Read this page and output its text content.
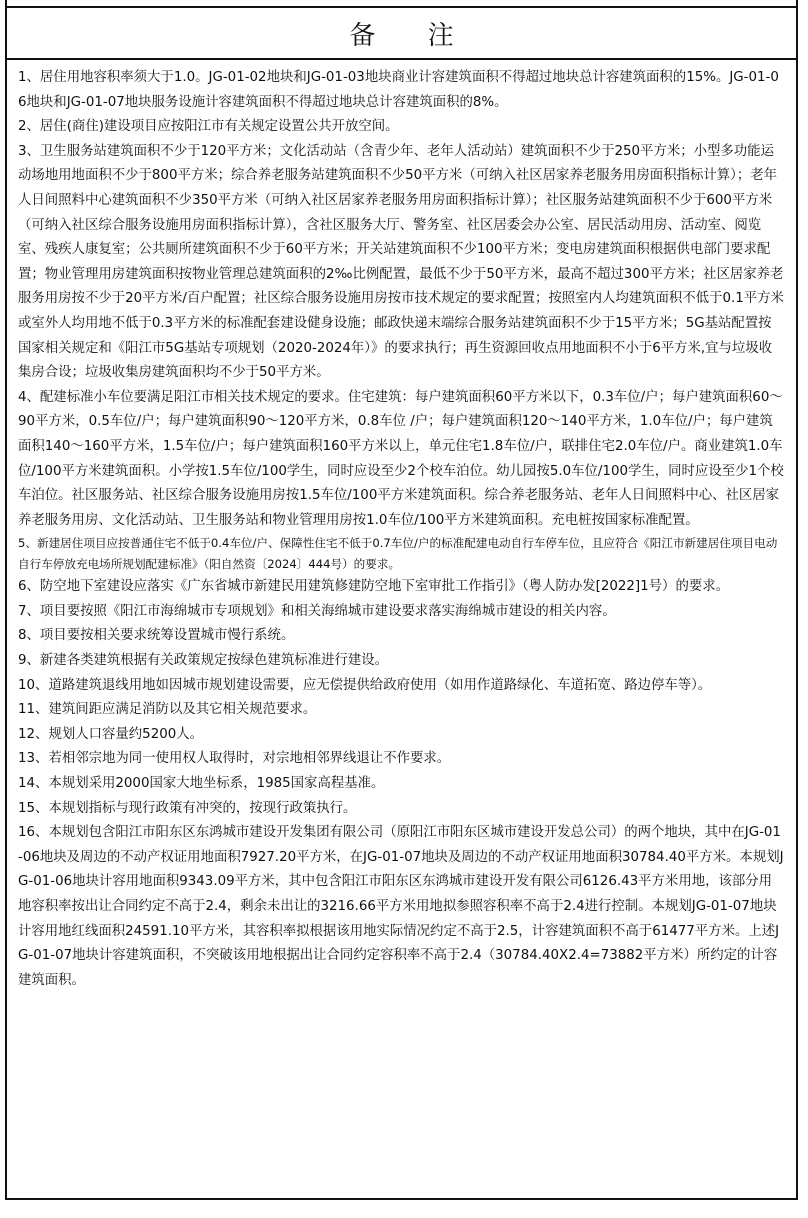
备 注

1、居住用地容积率须大于1.0。JG-01-02地块和JG-01-03地块商业计容建筑面积不得超过地块总计容建筑面积的15%。JG-01-06地块和JG-01-07地块服务设施计容建筑面积不得超过地块总计容建筑面积的8%。

2、居住(商住)建设项目应按阳江市有关规定设置公共开放空间。

3、卫生服务站建筑面积不少于120平方米；文化活动站（含青少年、老年人活动站）建筑面积不少于250平方米；小型多功能运动场地用地面积不少于800平方米；综合养老服务站建筑面积不少50平方米（可纳入社区居家养老服务用房面积指标计算）；老年人日间照料中心建筑面积不少350平方米（可纳入社区居家养老服务用房面积指标计算）；社区服务站建筑面积不少于600平方米（可纳入社区综合服务设施用房面积指标计算），含社区服务大厅、警务室、社区居委会办公室、居民活动用房、活动室、阅览室、残疾人康复室；公共厕所建筑面积不少于60平方米；开关站建筑面积不少100平方米；变电房建筑面积根据供电部门要求配置；物业管理用房建筑面积按物业管理总建筑面积的2‰比例配置，最低不少于50平方米，最高不超过300平方米；社区居家养老服务用房按不少于20平方米/百户配置；社区综合服务设施用房按市技术规定的要求配置；按照室内人均建筑面积不低于0.1平方米或室外人均用地不低于0.3平方米的标准配套建设健身设施；邮政快递末端综合服务站建筑面积不少于15平方米；5G基站配置按国家相关规定和《阳江市5G基站专项规划（2020-2024年）》的要求执行；再生资源回收点用地面积不小于6平方米,宜与垃圾收集房合设；垃圾收集房建筑面积均不少于50平方米。

4、配建标准小车位要满足阳江市相关技术规定的要求。住宅建筑：每户建筑面积60平方米以下，0.3车位/户；每户建筑面积60～90平方米，0.5车位/户；每户建筑面积90～120平方米，0.8车位 /户；每户建筑面积120～140平方米，1.0车位/户；每户建筑面积140～160平方米，1.5车位/户；每户建筑面积160平方米以上，单元住宅1.8车位/户，联排住宅2.0车位/户。商业建筑1.0车位/100平方米建筑面积。小学按1.5车位/100学生，同时应设至少2个校车泊位。幼儿园按5.0车位/100学生，同时应设至少1个校车泊位。社区服务站、社区综合服务设施用房按1.5车位/100平方米建筑面积。综合养老服务站、老年人日间照料中心、社区居家养老服务用房、文化活动站、卫生服务站和物业管理用房按1.0车位/100平方米建筑面积。充电桩按国家标准配置。

5、新建居住项目应按普通住宅不低于0.4车位/户、保障性住宅不低于0.7车位/户的标准配建电动自行车停车位，且应符合《阳江市新建居住项目电动自行车停放充电场所规划配建标准》（阳自然资〔2024〕444号）的要求。

6、防空地下室建设应落实《广东省城市新建民用建筑修建防空地下室审批工作指引》（粤人防办发[2022]1号）的要求。

7、项目要按照《阳江市海绵城市专项规划》和相关海绵城市建设要求落实海绵城市建设的相关内容。

8、项目要按相关要求统筹设置城市慢行系统。

9、新建各类建筑根据有关政策规定按绿色建筑标准进行建设。

10、道路建筑退线用地如因城市规划建设需要，应无偿提供给政府使用（如用作道路绿化、车道拓宽、路边停车等）。

11、建筑间距应满足消防以及其它相关规范要求。

12、规划人口容量约5200人。

13、若相邻宗地为同一使用权人取得时，对宗地相邻界线退让不作要求。

14、本规划采用2000国家大地坐标系，1985国家高程基准。

15、本规划指标与现行政策有冲突的，按现行政策执行。

16、本规划包含阳江市阳东区东鸿城市建设开发集团有限公司（原阳江市阳东区城市建设开发总公司）的两个地块，其中在JG-01-06地块及周边的不动产权证用地面积7927.20平方米，在JG-01-07地块及周边的不动产权证用地面积30784.40平方米。本规划JG-01-06地块计容用地面积9343.09平方米，其中包含阳江市阳东区东鸿城市建设开发有限公司6126.43平方米用地，该部分用地容积率按出让合同约定不高于2.4，剩余未出让的3216.66平方米用地拟参照容积率不高于2.4进行控制。本规划JG-01-07地块计容用地红线面积24591.10平方米，其容积率拟根据该用地实际情况约定不高于2.5，计容建筑面积不高于61477平方米。上述JG-01-07地块计容建筑面积，不突破该用地根据出让合同约定容积率不高于2.4（30784.40X2.4=73882平方米）所约定的计容建筑面积。
